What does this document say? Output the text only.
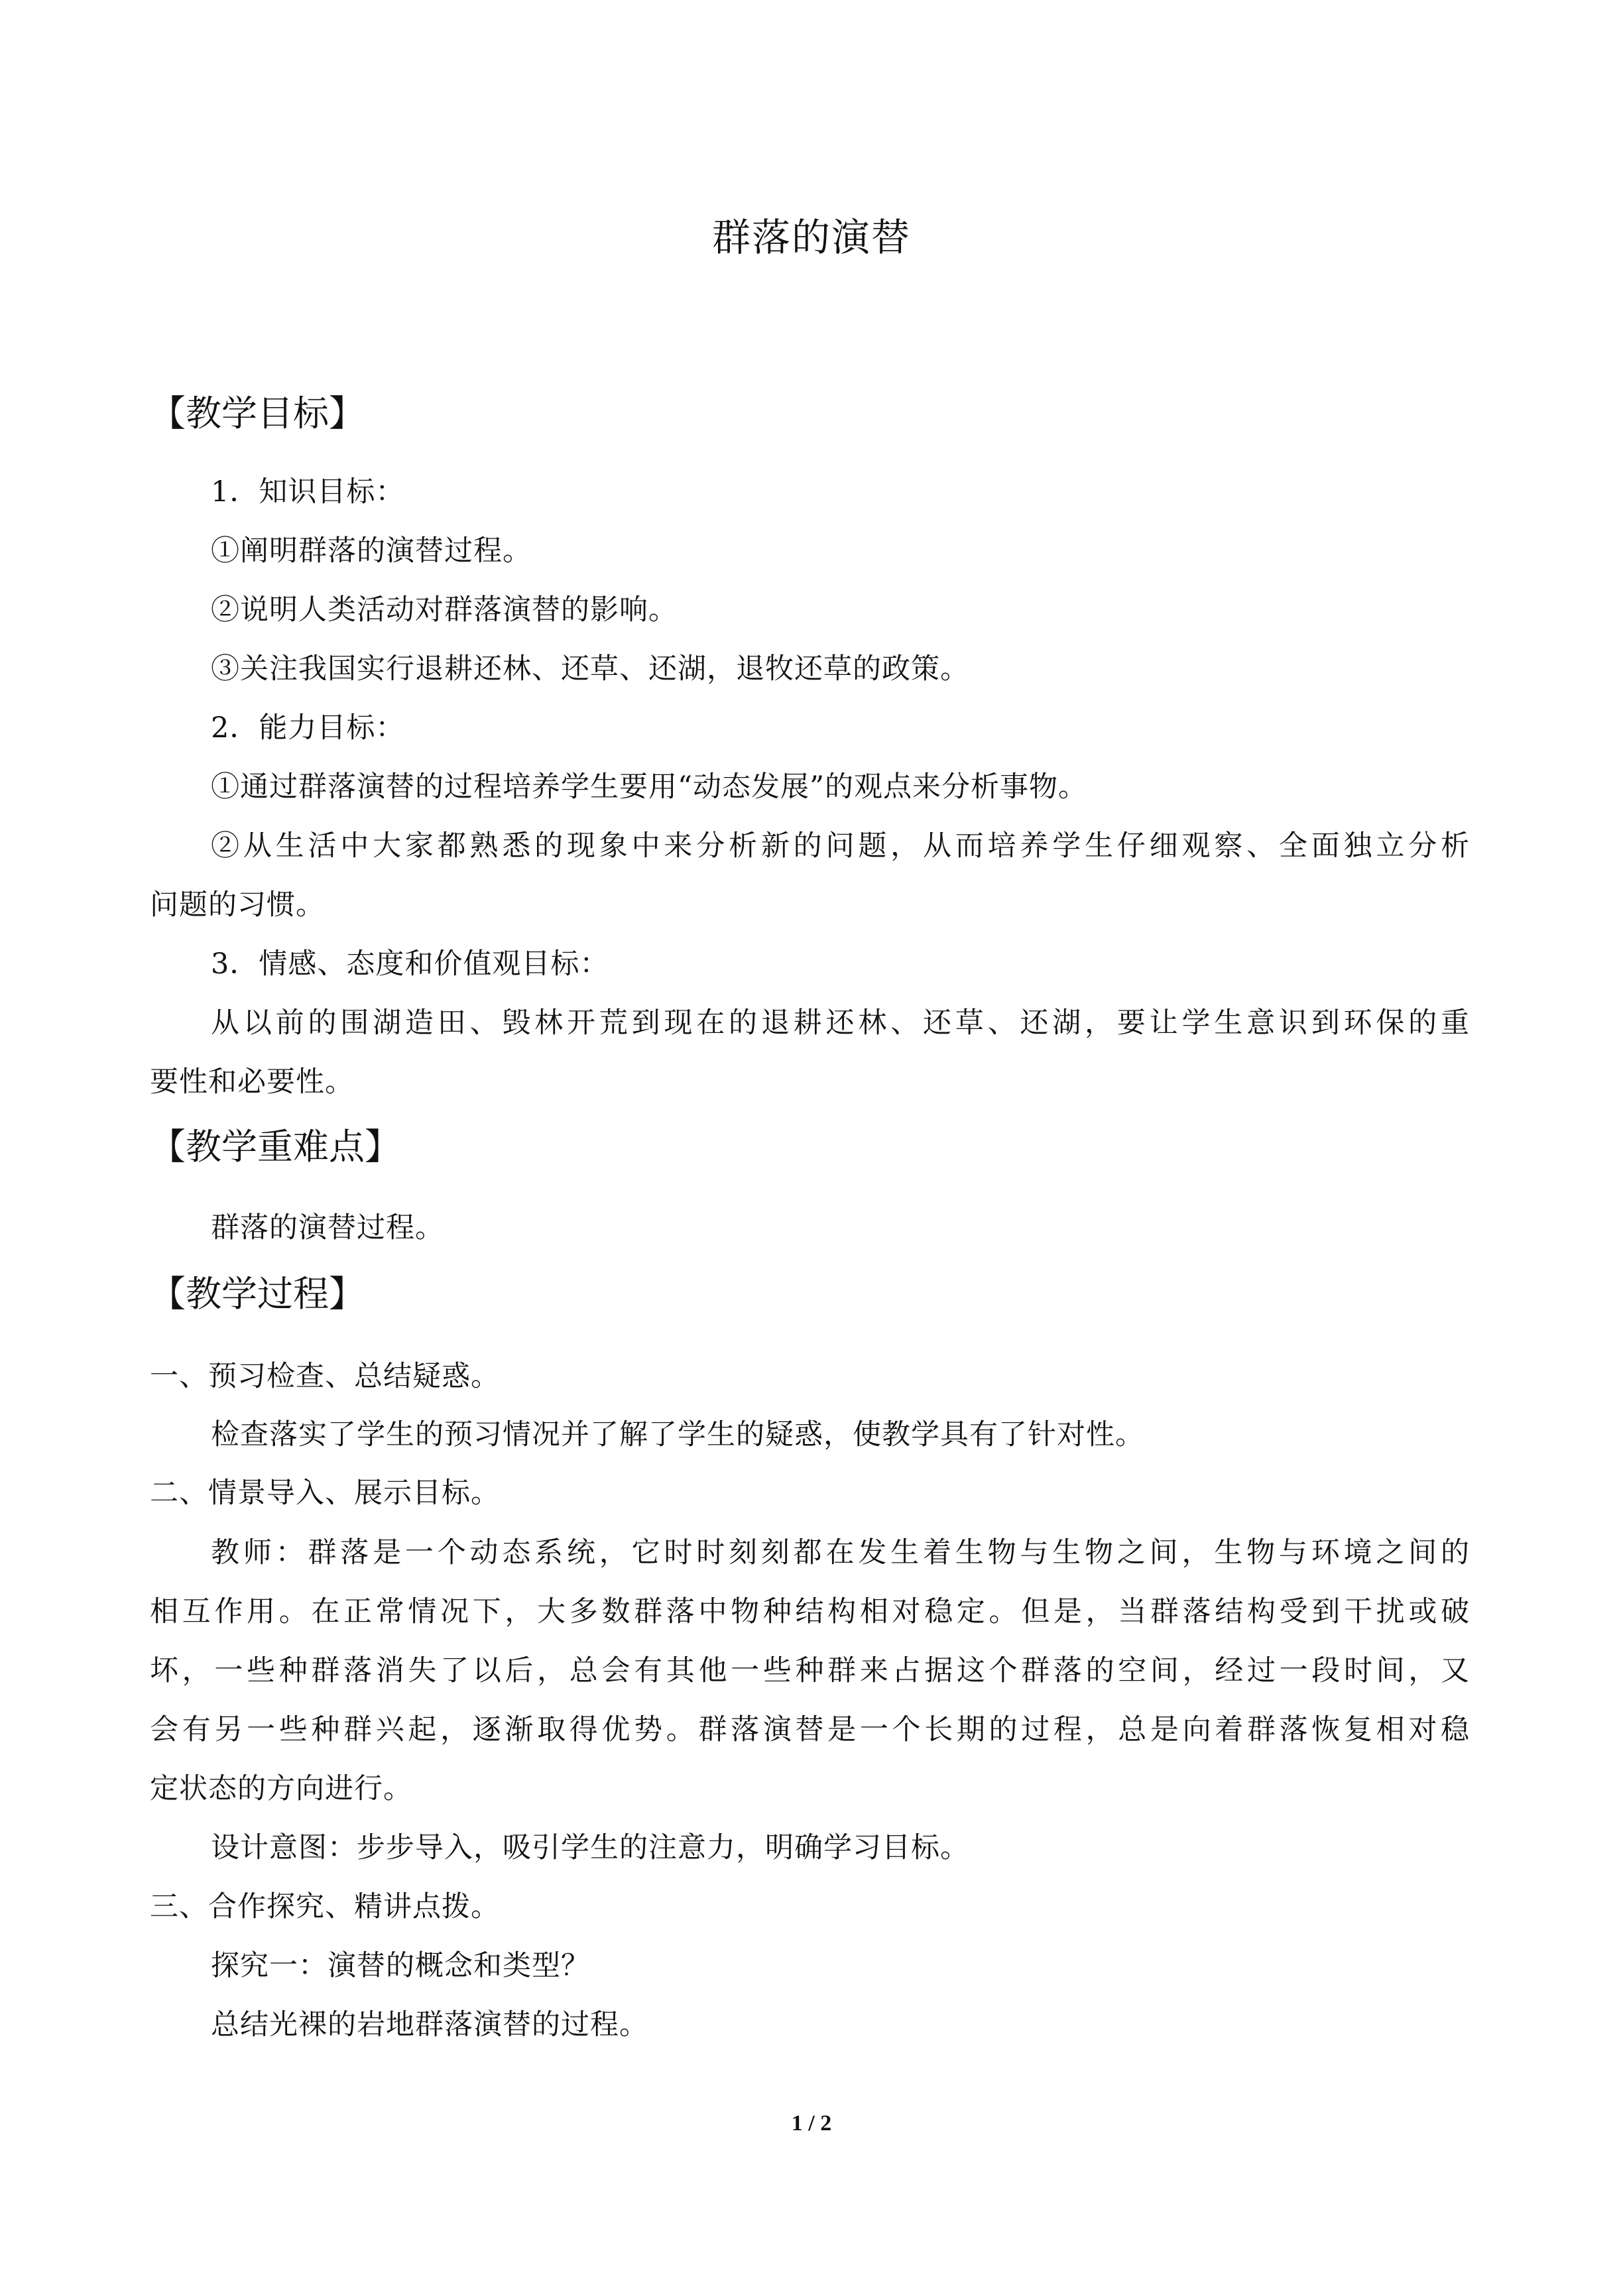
群落的演替
【教学目标】
1．知识目标：
①阐明群落的演替过程。
②说明人类活动对群落演替的影响。
③关注我国实行退耕还林、还草、还湖，退牧还草的政策。
2．能力目标：
①通过群落演替的过程培养学生要用“动态发展”的观点来分析事物。
②从生活中大家都熟悉的现象中来分析新的问题，从而培养学生仔细观察、全面独立分析
问题的习惯。
3．情感、态度和价值观目标：
从以前的围湖造田、毁林开荒到现在的退耕还林、还草、还湖，要让学生意识到环保的重
要性和必要性。
【教学重难点】
群落的演替过程。
【教学过程】
一、预习检查、总结疑惑。
检查落实了学生的预习情况并了解了学生的疑惑，使教学具有了针对性。
二、情景导入、展示目标。
教师：群落是一个动态系统，它时时刻刻都在发生着生物与生物之间，生物与环境之间的
相互作用。在正常情况下，大多数群落中物种结构相对稳定。但是，当群落结构受到干扰或破
坏，一些种群落消失了以后，总会有其他一些种群来占据这个群落的空间，经过一段时间，又
会有另一些种群兴起，逐渐取得优势。群落演替是一个长期的过程，总是向着群落恢复相对稳
定状态的方向进行。
设计意图：步步导入，吸引学生的注意力，明确学习目标。
三、合作探究、精讲点拨。
探究一：演替的概念和类型？
总结光裸的岩地群落演替的过程。
1 / 2
